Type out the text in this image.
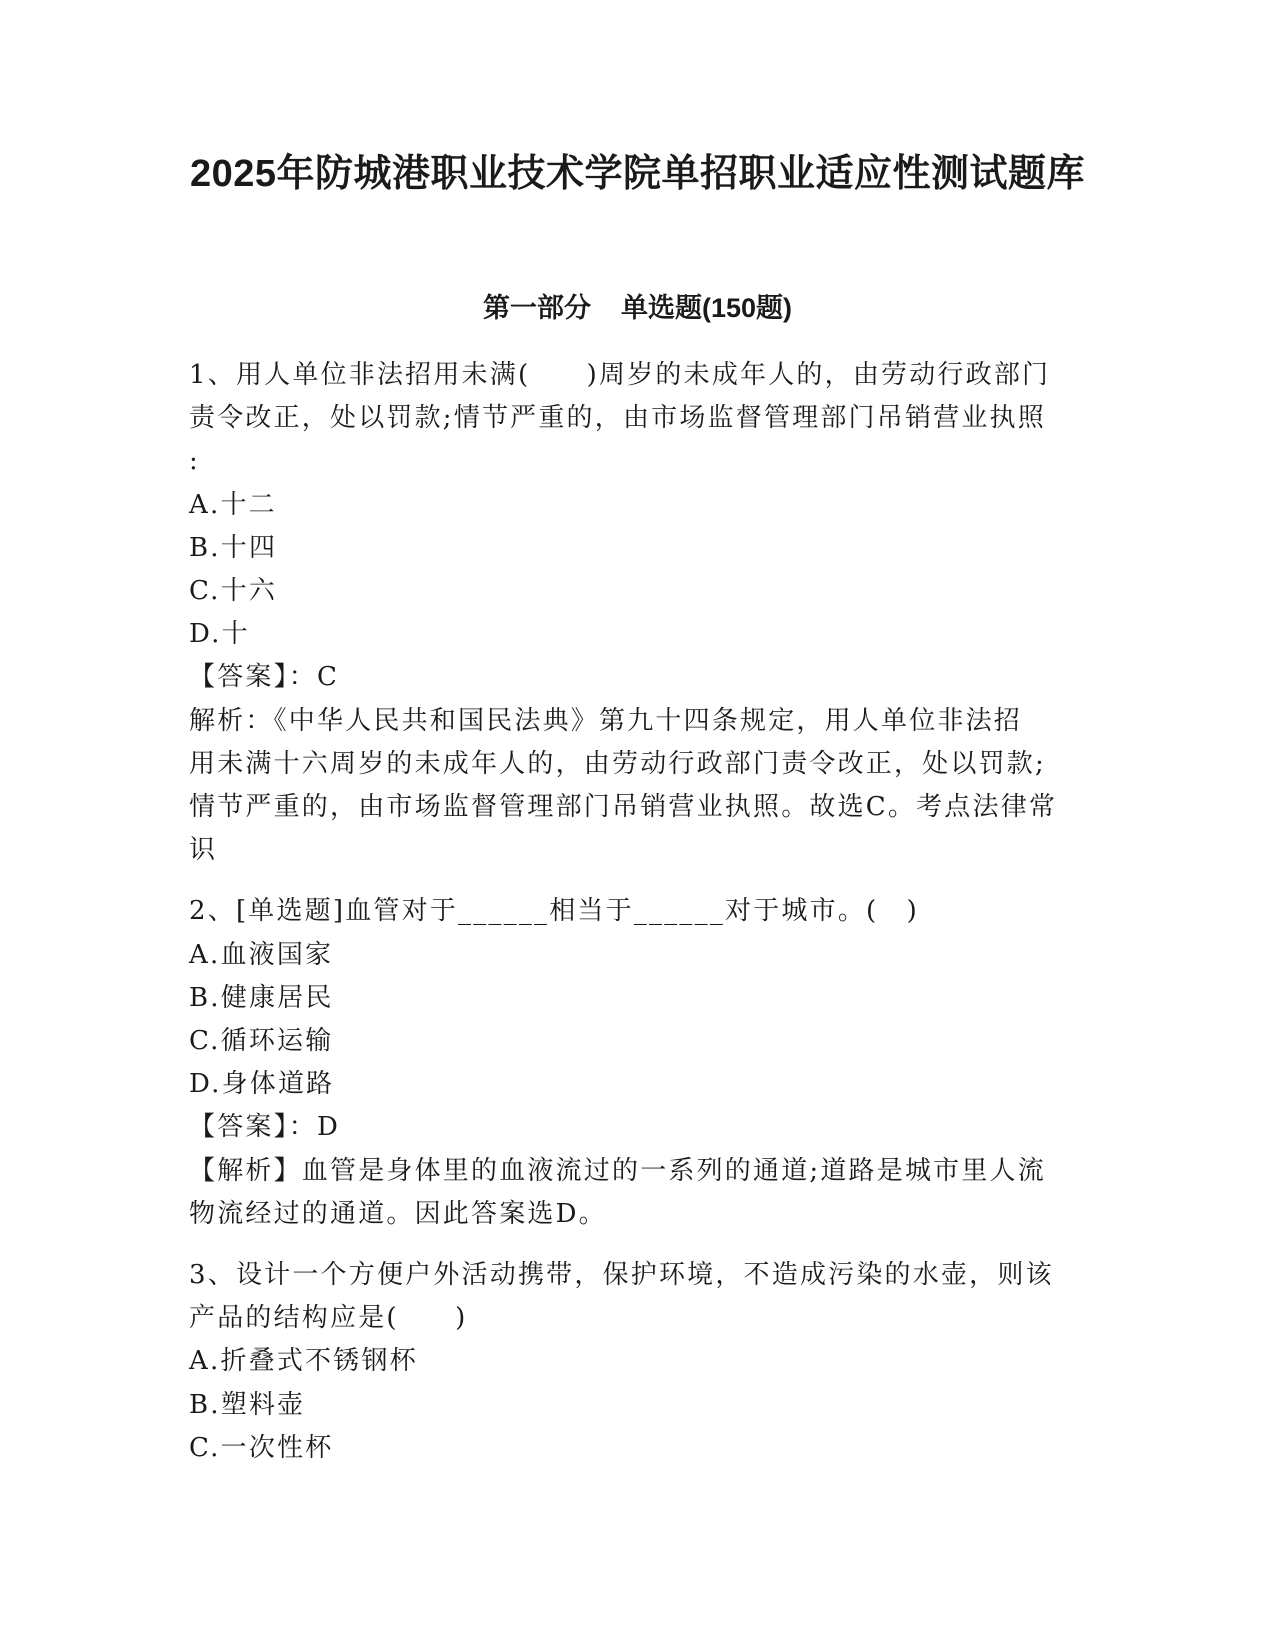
2025年防城港职业技术学院单招职业适应性测试题库
第一部分 单选题(150题)
1、用人单位非法招用未满(　　)周岁的未成年人的，由劳动行政部门
责令改正，处以罚款;情节严重的，由市场监督管理部门吊销营业执照
:
A.十二
B.十四
C.十六
D.十
【答案】：C
解析：《中华人民共和国民法典》第九十四条规定，用人单位非法招
用未满十六周岁的未成年人的，由劳动行政部门责令改正，处以罚款;
情节严重的，由市场监督管理部门吊销营业执照。故选C。考点法律常
识
2、[单选题]血管对于______相当于______对于城市。(　)
A.血液国家
B.健康居民
C.循环运输
D.身体道路
【答案】：D
【解析】血管是身体里的血液流过的一系列的通道;道路是城市里人流
物流经过的通道。因此答案选D。
3、设计一个方便户外活动携带，保护环境，不造成污染的水壶，则该
产品的结构应是(　　)
A.折叠式不锈钢杯
B.塑料壶
C.一次性杯
